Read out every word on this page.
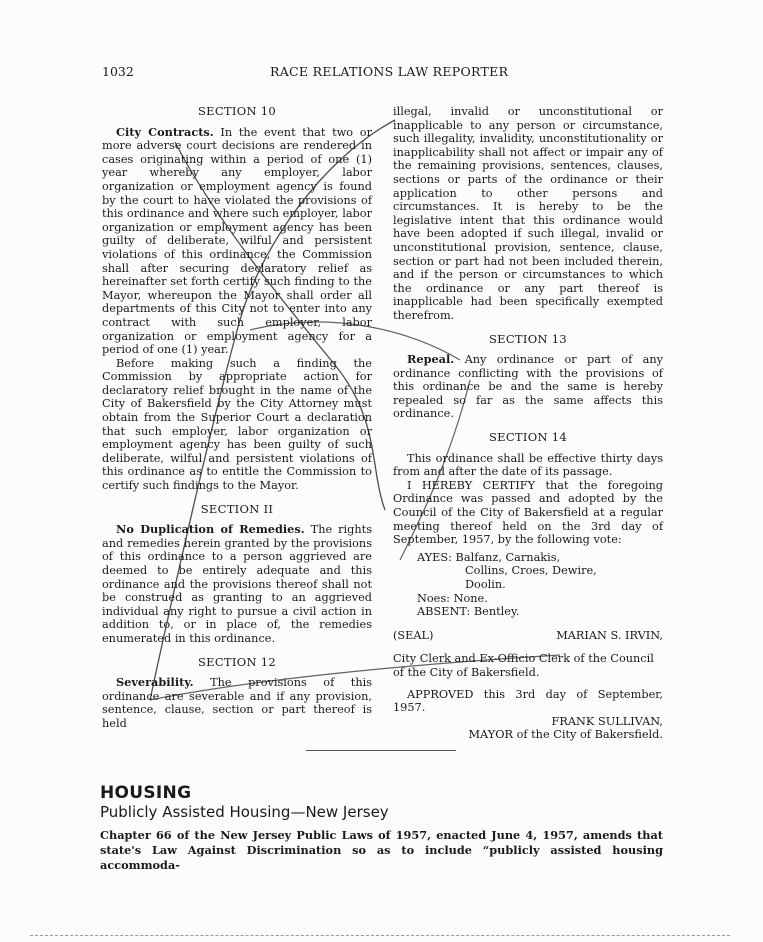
1032	RACE RELATIONS LAW REPORTER

SECTION 10

City Contracts. In the event that two or more adverse court decisions are rendered in cases originating within a period of one (1) year whereby any employer, labor organization or employment agency is found by the court to have violated the provisions of this ordinance and where such employer, labor organization or employment agency has been guilty of deliberate, wilful and persistent violations of this ordinance, the Commission shall after securing declaratory relief as hereinafter set forth certify such finding to the Mayor, whereupon the Mayor shall order all departments of this City not to enter into any contract with such employer, labor organization or employment agency for a period of one (1) year.

Before making such a finding the Commission by appropriate action for declaratory relief brought in the name of the City of Bakersfield by the City Attorney must obtain from the Superior Court a declaration that such employer, labor organization or employment agency has been guilty of such deliberate, wilful and persistent violations of this ordinance as to entitle the Commission to certify such findings to the Mayor.

SECTION II

No Duplication of Remedies. The rights and remedies herein granted by the provisions of this ordinance to a person aggrieved are deemed to be entirely adequate and this ordinance and the provisions thereof shall not be construed as granting to an aggrieved individual any right to pursue a civil action in addition to, or in place of, the remedies enumerated in this ordinance.

SECTION 12

Severability. The provisions of this ordinance are severable and if any provision, sentence, clause, section or part thereof is held

illegal, invalid or unconstitutional or inapplicable to any person or circumstance, such illegality, invalidity, unconstitutionality or inapplicability shall not affect or impair any of the remaining provisions, sentences, clauses, sections or parts of the ordinance or their application to other persons and circumstances. It is hereby to be the legislative intent that this ordinance would have been adopted if such illegal, invalid or unconstitutional provision, sentence, clause, section or part had not been included therein, and if the person or circumstances to which the ordinance or any part thereof is inapplicable had been specifically exempted therefrom.

SECTION 13

Repeal. Any ordinance or part of any ordinance conflicting with the provisions of this ordinance be and the same is hereby repealed so far as the same affects this ordinance.

SECTION 14

This ordinance shall be effective thirty days from and after the date of its passage.

I HEREBY CERTIFY that the foregoing Ordinance was passed and adopted by the Council of the City of Bakersfield at a regular meeting thereof held on the 3rd day of September, 1957, by the following vote:

AYES: Balfanz, Carnakis,
Collins, Croes, Dewire,
Doolin.
Noes: None.
ABSENT: Bentley.
(SEAL)	MARIAN S. IRVIN,

City Clerk and Ex-Officio Clerk of the Council of the City of Bakersfield.

APPROVED this 3rd day of September, 1957.

FRANK SULLIVAN,
MAYOR of the City of Bakersfield.
HOUSING
Publicly Assisted Housing—New Jersey
Chapter 66 of the New Jersey Public Laws of 1957, enacted June 4, 1957, amends that state's Law Against Discrimination so as to include “publicly assisted housing accommoda-
